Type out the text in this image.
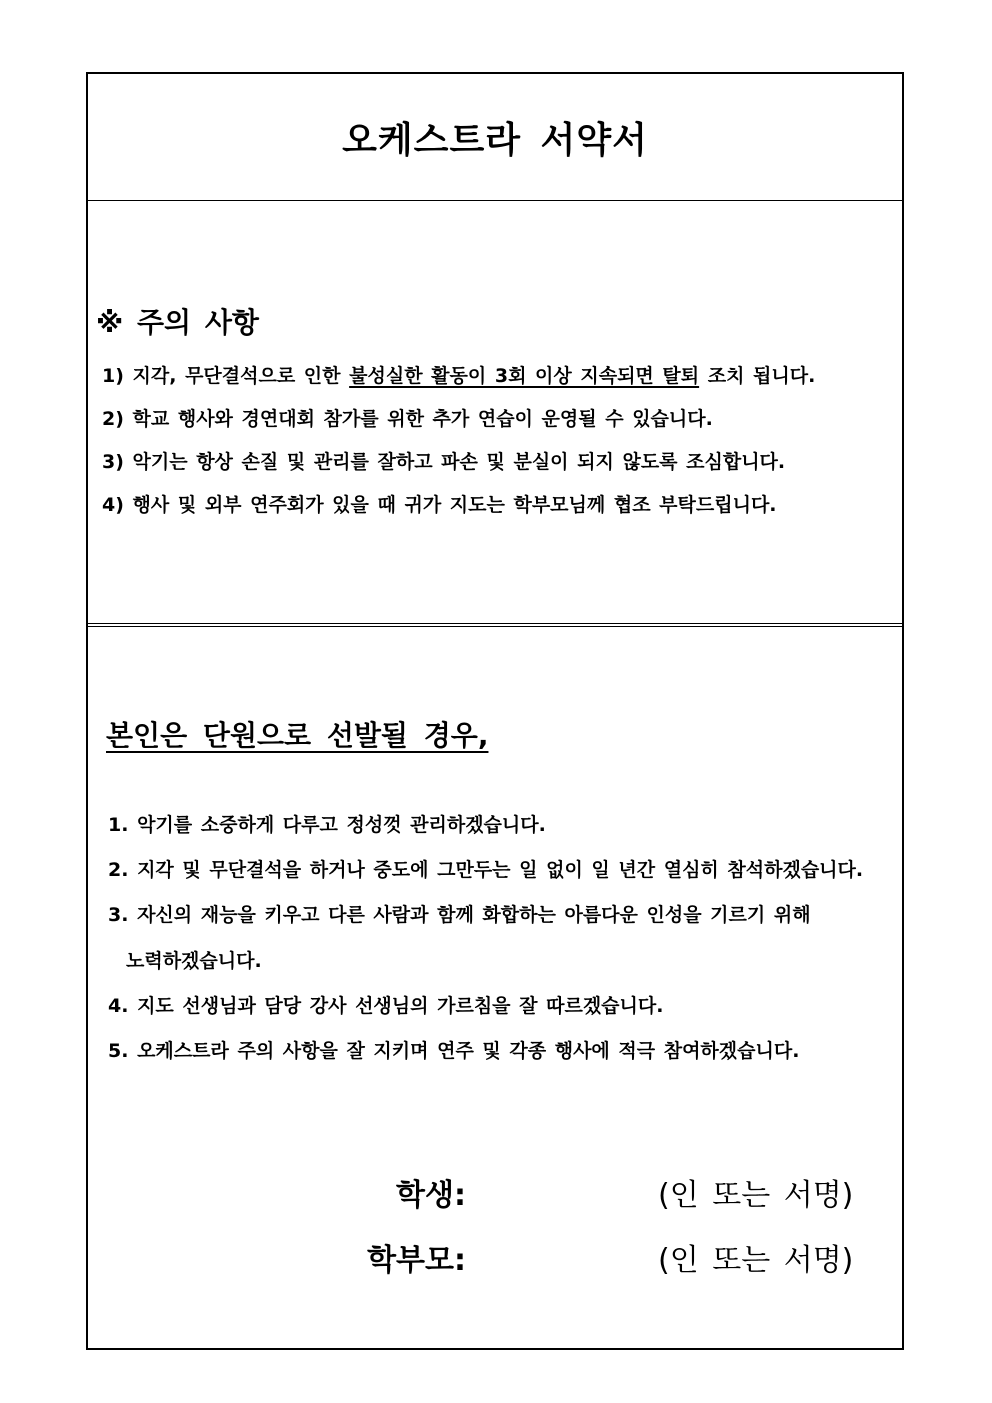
오케스트라 서약서
※ 주의 사항
1) 지각, 무단결석으로 인한 불성실한 활동이 3회 이상 지속되면 탈퇴 조치 됩니다.
2) 학교 행사와 경연대회 참가를 위한 추가 연습이 운영될 수 있습니다.
3) 악기는 항상 손질 및 관리를 잘하고 파손 및 분실이 되지 않도록 조심합니다.
4) 행사 및 외부 연주회가 있을 때 귀가 지도는 학부모님께 협조 부탁드립니다.
본인은 단원으로 선발될 경우,
1. 악기를 소중하게 다루고 정성껏 관리하겠습니다.
2. 지각 및 무단결석을 하거나 중도에 그만두는 일 없이 일 년간 열심히 참석하겠습니다.
3. 자신의 재능을 키우고 다른 사람과 함께 화합하는 아름다운 인성을 기르기 위해
노력하겠습니다.
4. 지도 선생님과 담당 강사 선생님의 가르침을 잘 따르겠습니다.
5. 오케스트라 주의 사항을 잘 지키며 연주 및 각종 행사에 적극 참여하겠습니다.
학생:	(인 또는 서명)
학부모:	(인 또는 서명)
